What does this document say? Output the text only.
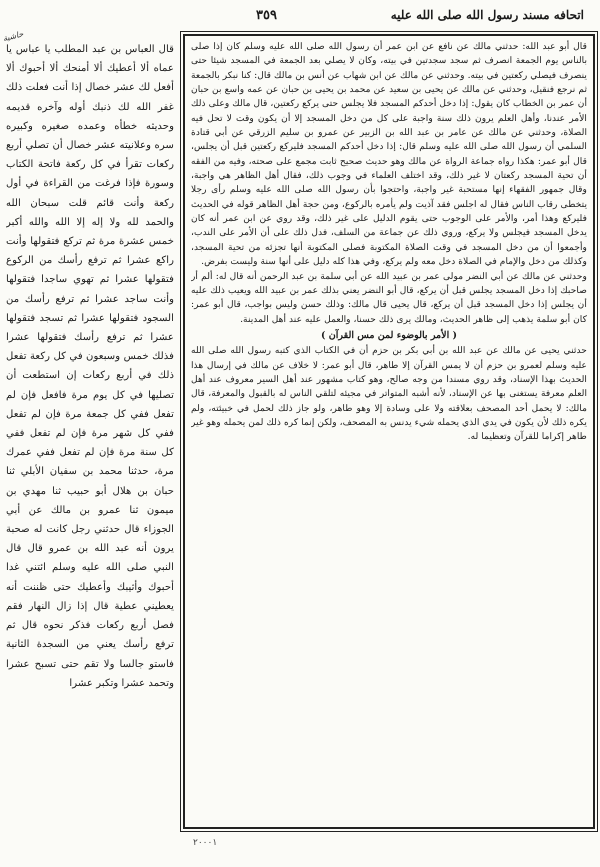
اتحافه مسند رسول الله صلى الله عليه
٣٥٩
حاشية

قال العباس بن عبد المطلب يا عباس يا عماه ألا أعطيك ألا أمنحك ألا أحبوك ألا أفعل لك عشر خصال إذا أنت فعلت ذلك غفر الله لك ذنبك أوله وآخره قديمه وحديثه خطأه وعمده صغيره وكبيره سره وعلانيته عشر خصال أن تصلي أربع ركعات تقرأ في كل ركعة فاتحة الكتاب وسورة فإذا فرغت من القراءة في أول ركعة وأنت قائم قلت سبحان الله والحمد لله ولا إله إلا الله والله أكبر خمس عشرة مرة ثم تركع فتقولها وأنت راكع عشرا ثم ترفع رأسك من الركوع فتقولها عشرا ثم تهوي ساجدا فتقولها وأنت ساجد عشرا ثم ترفع رأسك من السجود فتقولها عشرا ثم تسجد فتقولها عشرا ثم ترفع رأسك فتقولها عشرا فذلك خمس وسبعون في كل ركعة تفعل ذلك في أربع ركعات إن استطعت أن تصليها في كل يوم مرة فافعل فإن لم تفعل ففي كل جمعة مرة فإن لم تفعل ففي كل شهر مرة فإن لم تفعل ففي كل سنة مرة فإن لم تفعل ففي عمرك مرة، حدثنا محمد بن سفيان الأبلي ثنا حبان بن هلال أبو حبيب ثنا مهدي بن ميمون ثنا عمرو بن مالك عن أبي الجوزاء قال حدثني رجل كانت له صحبة يرون أنه عبد الله بن عمرو قال قال النبي صلى الله عليه وسلم ائتني غدا أحبوك وأثيبك وأعطيك حتى ظننت أنه يعطيني عطية قال إذا زال النهار فقم فصل أربع ركعات فذكر نحوه قال ثم ترفع رأسك يعني من السجدة الثانية فاستو جالسا ولا تقم حتى تسبح عشرا وتحمد عشرا وتكبر عشرا

قال أبو عبد الله: حدثني مالك عن نافع عن ابن عمر أن رسول الله صلى الله عليه وسلم كان إذا صلى بالناس يوم الجمعة انصرف ثم سجد سجدتين في بيته، وكان لا يصلي بعد الجمعة في المسجد شيئا حتى ينصرف فيصلي ركعتين في بيته. وحدثني عن مالك عن ابن شهاب عن أنس بن مالك قال: كنا نبكر بالجمعة ثم نرجع فنقيل، وحدثني عن مالك عن يحيى بن سعيد عن محمد بن يحيى بن حبان عن عمه واسع بن حبان أن عمر بن الخطاب كان يقول: إذا دخل أحدكم المسجد فلا يجلس حتى يركع ركعتين، قال مالك وعلى ذلك الأمر عندنا، وأهل العلم يرون ذلك سنة واجبة على كل من دخل المسجد إلا أن يكون وقت لا تحل فيه الصلاة، وحدثني عن مالك عن عامر بن عبد الله بن الزبير عن عمرو بن سليم الزرقي عن أبي قتادة السلمي أن رسول الله صلى الله عليه وسلم قال: إذا دخل أحدكم المسجد فليركع ركعتين قبل أن يجلس، قال أبو عمر: هكذا رواه جماعة الرواة عن مالك وهو حديث صحيح ثابت مجمع على صحته، وفيه من الفقه أن تحية المسجد ركعتان لا غير ذلك، وقد اختلف العلماء في وجوب ذلك، فقال أهل الظاهر هي واجبة، وقال جمهور الفقهاء إنها مستحبة غير واجبة، واحتجوا بأن رسول الله صلى الله عليه وسلم رأى رجلا يتخطى رقاب الناس فقال له اجلس فقد آذيت ولم يأمره بالركوع، ومن حجة أهل الظاهر قوله في الحديث فليركع وهذا أمر، والأمر على الوجوب حتى يقوم الدليل على غير ذلك، وقد روي عن ابن عمر أنه كان يدخل المسجد فيجلس ولا يركع، وروي ذلك عن جماعة من السلف، فدل ذلك على أن الأمر على الندب، وأجمعوا أن من دخل المسجد في وقت الصلاة المكتوبة فصلى المكتوبة أنها تجزئه من تحية المسجد، وكذلك من دخل والإمام في الصلاة دخل معه ولم يركع، وفي هذا كله دليل على أنها سنة وليست بفرض.

وحدثني عن مالك عن أبي النضر مولى عمر بن عبيد الله عن أبي سلمة بن عبد الرحمن أنه قال له: ألم أر صاحبك إذا دخل المسجد يجلس قبل أن يركع، قال أبو النضر يعني بذلك عمر بن عبيد الله ويعيب ذلك عليه أن يجلس إذا دخل المسجد قبل أن يركع، قال يحيى قال مالك: وذلك حسن وليس بواجب، قال أبو عمر: كان أبو سلمة يذهب إلى ظاهر الحديث، ومالك يرى ذلك حسنا، والعمل عليه عند أهل المدينة.

( الأمر بالوضوء لمن مس القرآن )

حدثني يحيى عن مالك عن عبد الله بن أبي بكر بن حزم أن في الكتاب الذي كتبه رسول الله صلى الله عليه وسلم لعمرو بن حزم أن لا يمس القرآن إلا طاهر، قال أبو عمر: لا خلاف عن مالك في إرسال هذا الحديث بهذا الإسناد، وقد روي مسندا من وجه صالح، وهو كتاب مشهور عند أهل السير معروف عند أهل العلم معرفة يستغنى بها عن الإسناد، لأنه أشبه المتواتر في مجيئه لتلقي الناس له بالقبول والمعرفة، قال مالك: لا يحمل أحد المصحف بعلاقته ولا على وسادة إلا وهو طاهر، ولو جاز ذلك لحمل في خبيئته، ولم يكره ذلك لأن يكون في يدي الذي يحمله شيء يدنس به المصحف، ولكن إنما كره ذلك لمن يحمله وهو غير طاهر إكراما للقرآن وتعظيما له.

٢٠٠٠١
